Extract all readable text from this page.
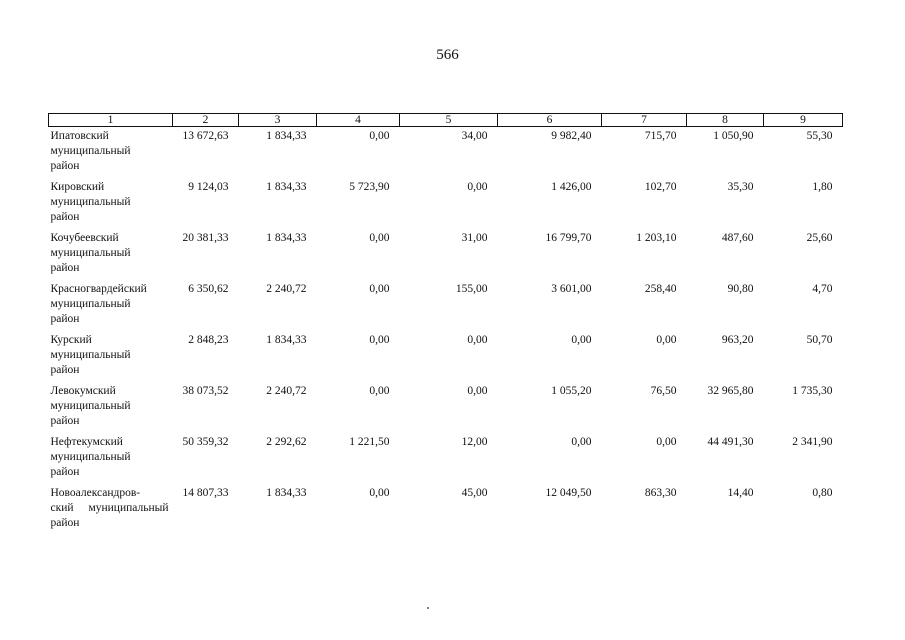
566
1	2	3	4	5	6	7	8	9

Ипатовский
муниципальный
район	13 672,63	1 834,33	0,00	34,00	9 982,40	715,70	1 050,90	55,30

Кировский
муниципальный
район	9 124,03	1 834,33	5 723,90	0,00	1 426,00	102,70	35,30	1,80

Кочубеевский
муниципальный
район	20 381,33	1 834,33	0,00	31,00	16 799,70	1 203,10	487,60	25,60

Красногвардейский
муниципальный
район	6 350,62	2 240,72	0,00	155,00	3 601,00	258,40	90,80	4,70

Курский
муниципальный
район	2 848,23	1 834,33	0,00	0,00	0,00	0,00	963,20	50,70

Левокумский
муниципальный
район	38 073,52	2 240,72	0,00	0,00	1 055,20	76,50	32 965,80	1 735,30

Нефтекумский
муниципальный
район	50 359,32	2 292,62	1 221,50	12,00	0,00	0,00	44 491,30	2 341,90

Новоалександров-
ский муниципальный
район	14 807,33	1 834,33	0,00	45,00	12 049,50	863,30	14,40	0,80
